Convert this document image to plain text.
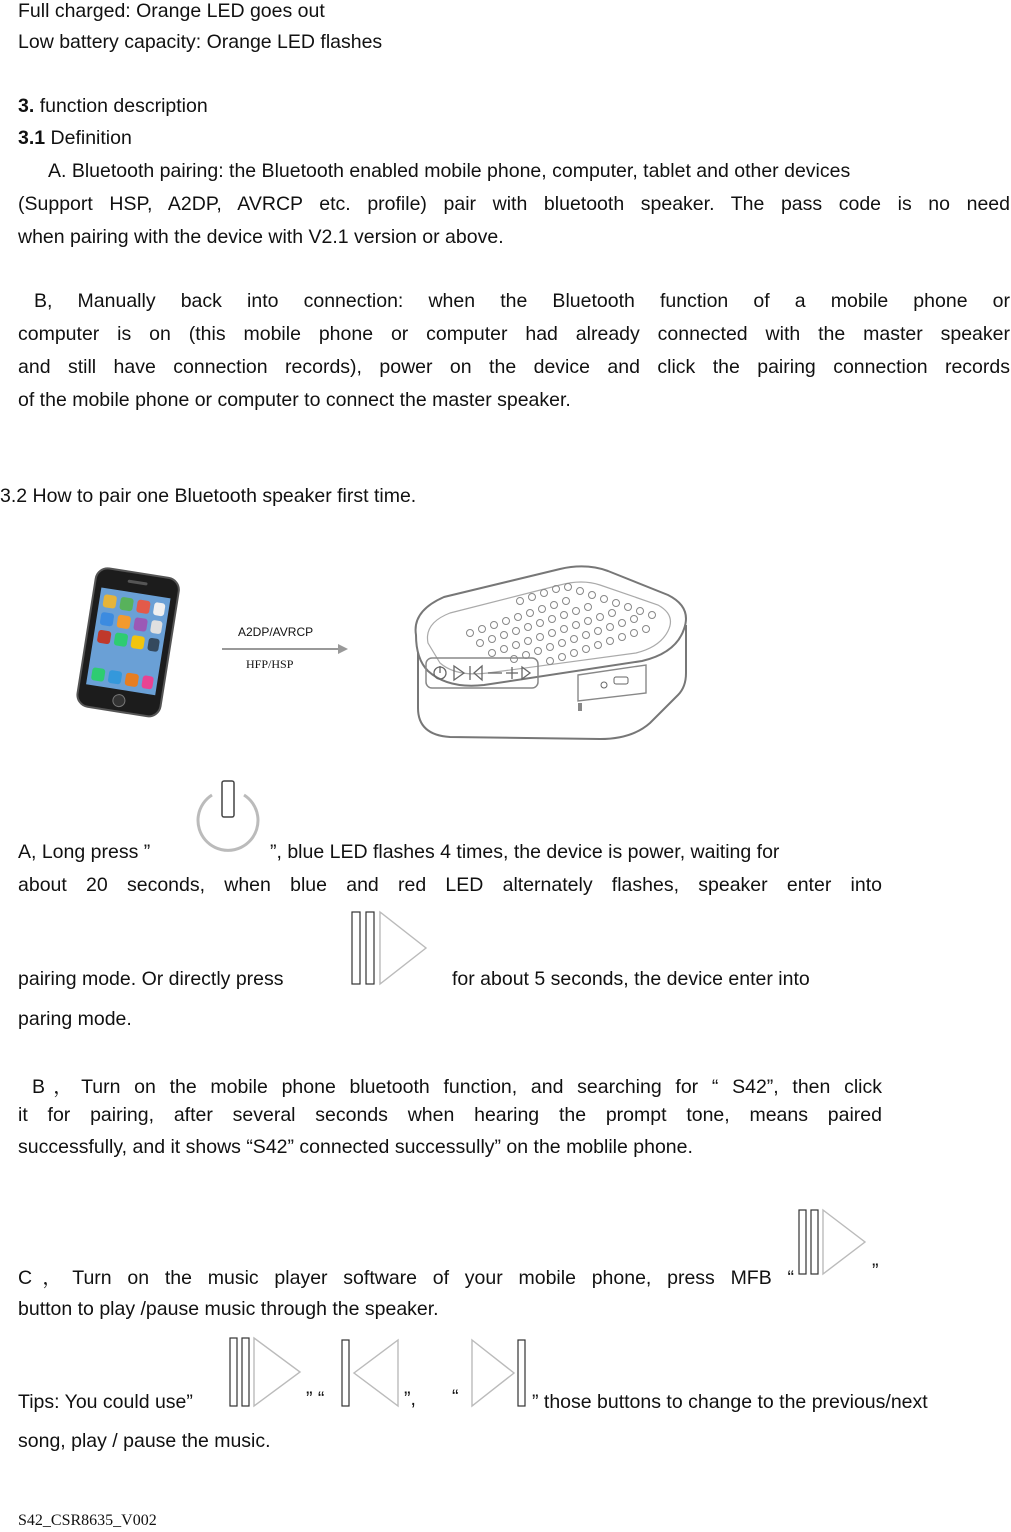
Full charged: Orange LED goes out
Low battery capacity: Orange LED flashes
3. function description
3.1 Definition
A. Bluetooth pairing: the Bluetooth enabled mobile phone, computer, tablet and other devices
(Support HSP, A2DP, AVRCP etc. profile) pair with bluetooth speaker. The pass code is no need
when pairing with the device with V2.1 version or above.
B, Manually back into connection: when the Bluetooth function of a mobile phone or
computer is on (this mobile phone or computer had already connected with the master speaker
and still have connection records), power on the device and click the pairing connection records
of the mobile phone or computer to connect the master speaker.
3.2 How to pair one Bluetooth speaker first time.
A2DP/AVRCP
HFP/HSP
A, Long press ”	”, blue LED flashes 4 times, the device is power, waiting for
about 20 seconds, when blue and red LED alternately flashes, speaker enter into
pairing mode. Or directly press	for about 5 seconds, the device enter into
paring mode.
B，Turn on the mobile phone bluetooth function, and searching for “ S42”, then click
it for pairing, after several seconds when hearing the prompt tone, means paired
successfully, and it shows “S42” connected successully” on the moblile phone.
C，Turn on the music player software of your mobile phone, press MFB “	”
button to play /pause music through the speaker.
Tips: You could use”	” “	”, “	” those buttons to change to the previous/next
song, play / pause the music.
S42_CSR8635_V002
